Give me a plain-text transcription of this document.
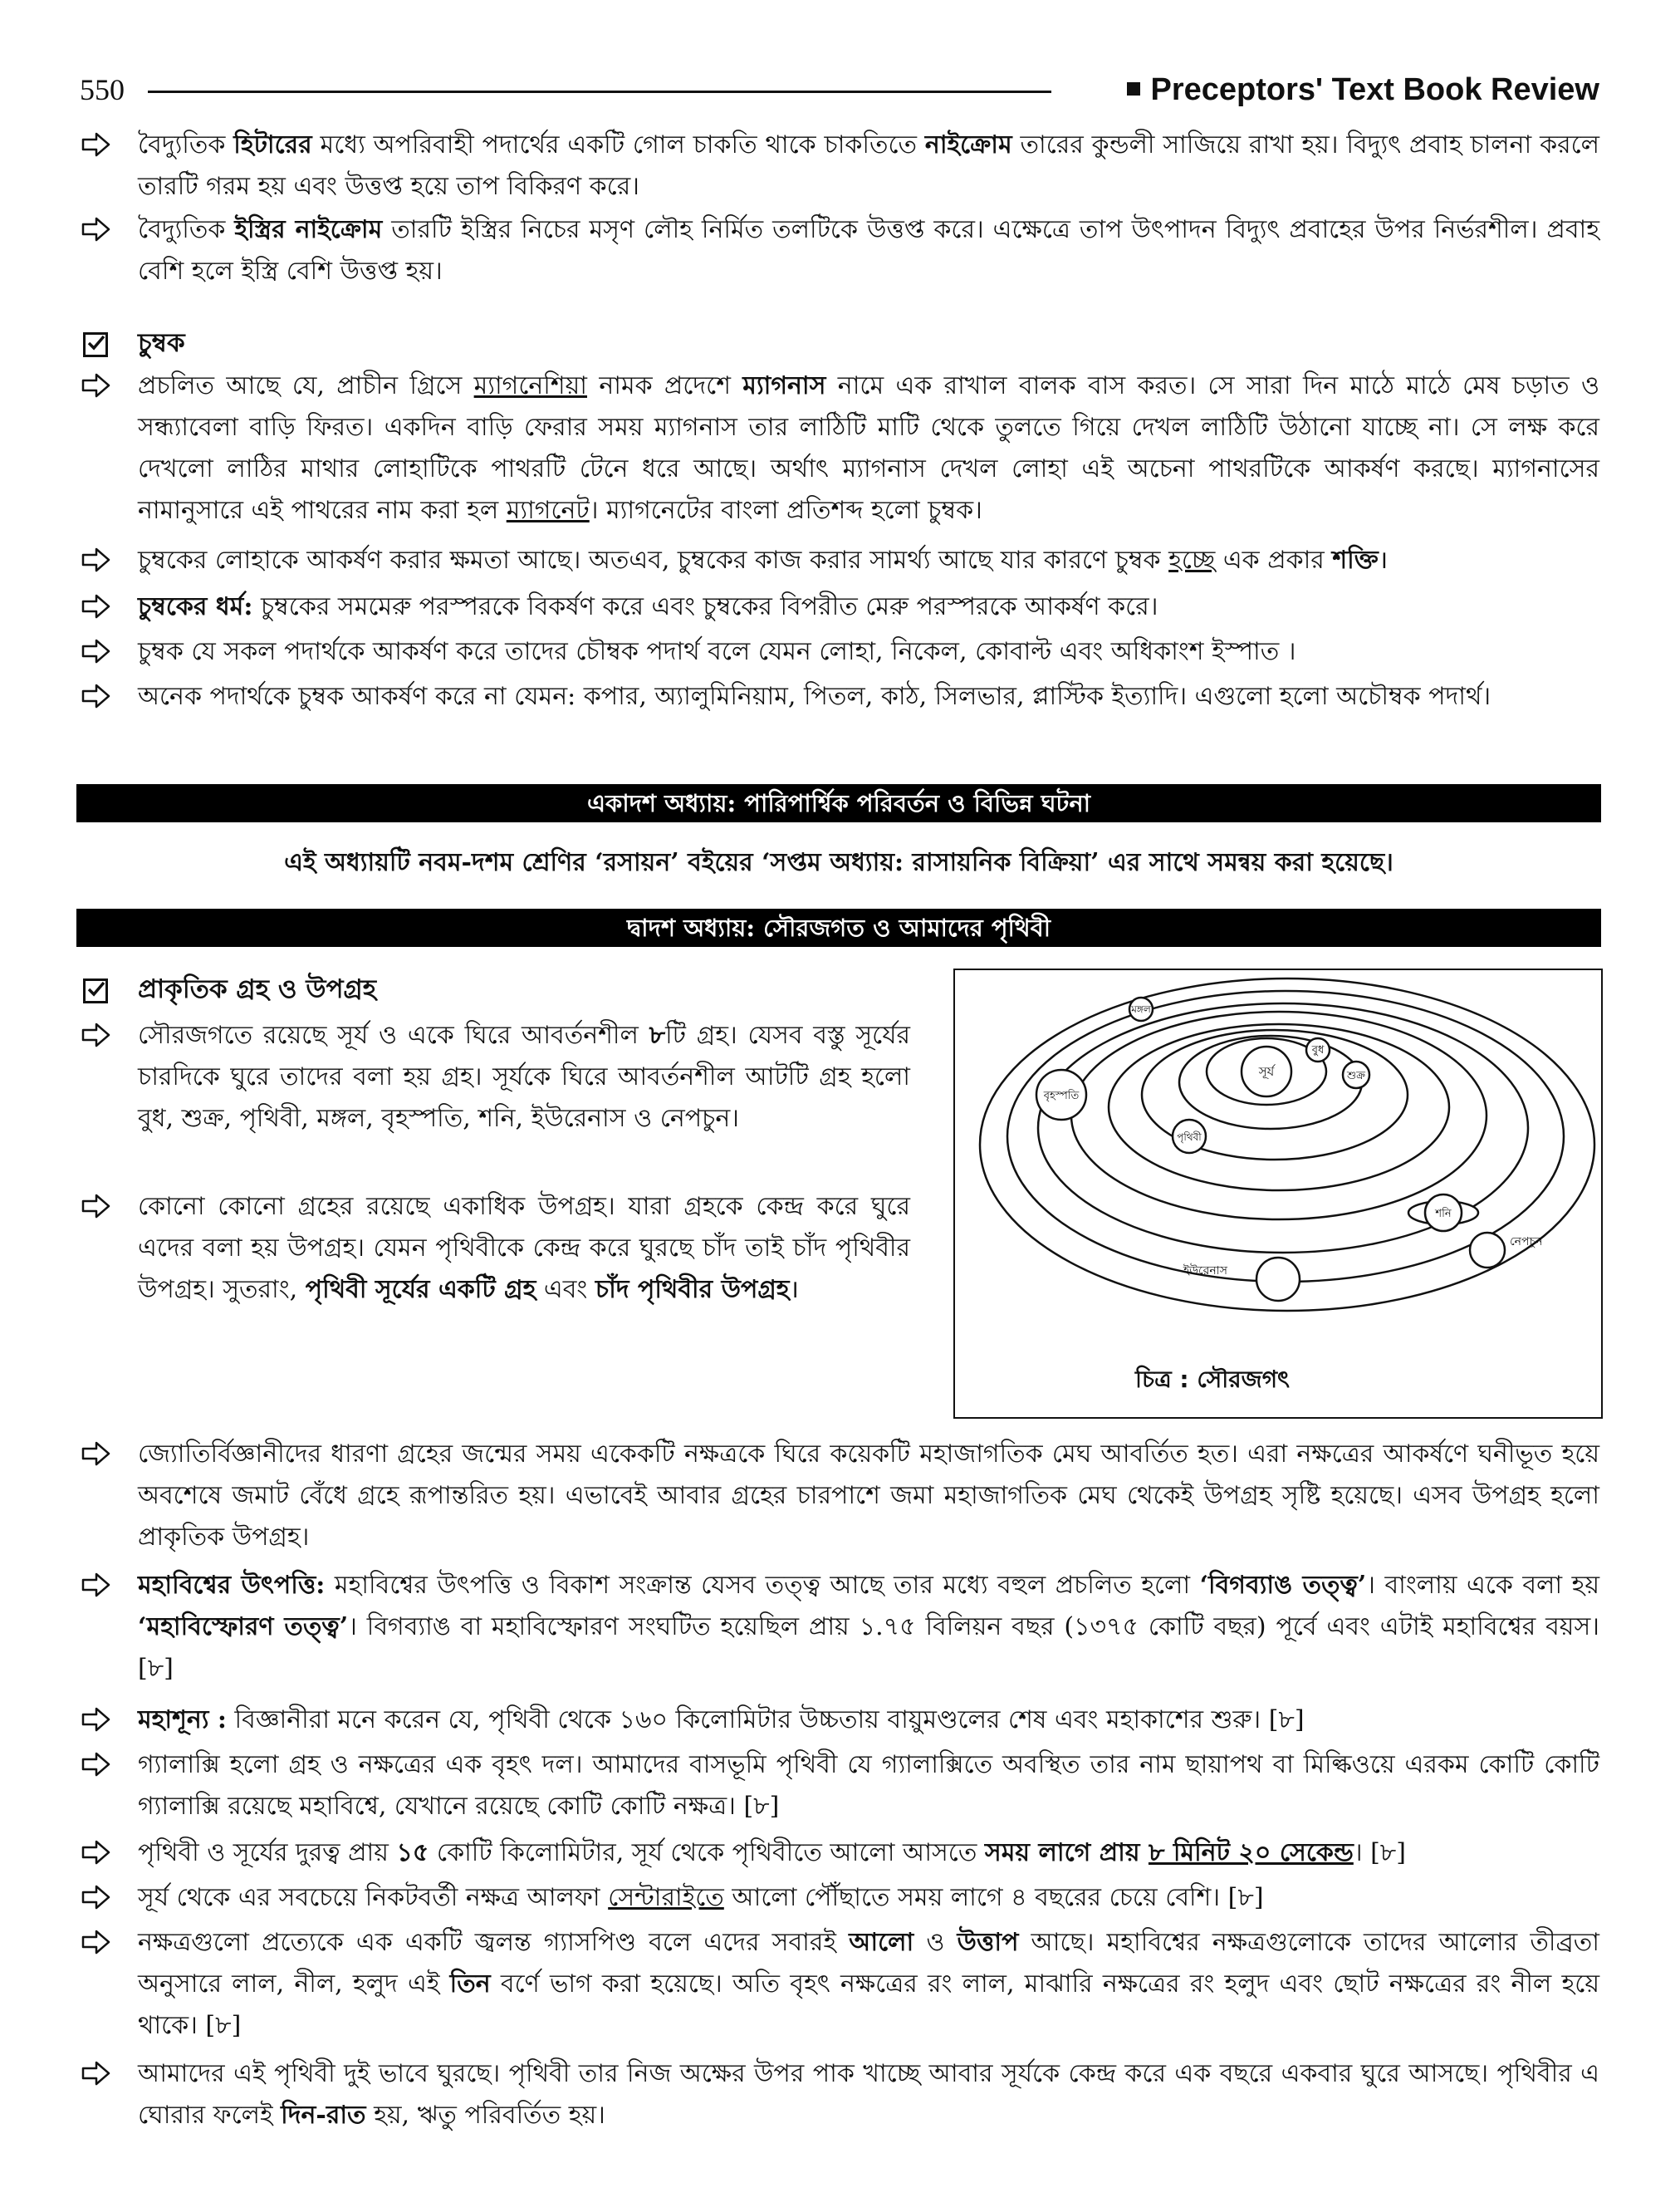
550	Preceptors' Text Book Review
বৈদ্যুতিক হিটারের মধ্যে অপরিবাহী পদার্থের একটি গোল চাকতি থাকে চাকতিতে নাইক্রোম তারের কুন্ডলী সাজিয়ে রাখা হয়। বিদ্যুৎ প্রবাহ চালনা করলে তারটি গরম হয় এবং উত্তপ্ত হয়ে তাপ বিকিরণ করে।
বৈদ্যুতিক ইস্ত্রির নাইক্রোম তারটি ইস্ত্রির নিচের মসৃণ লৌহ নির্মিত তলটিকে উত্তপ্ত করে। এক্ষেত্রে তাপ উৎপাদন বিদ্যুৎ প্রবাহের উপর নির্ভরশীল। প্রবাহ বেশি হলে ইস্ত্রি বেশি উত্তপ্ত হয়।
চুম্বক
প্রচলিত আছে যে, প্রাচীন গ্রিসে ম্যাগনেশিয়া নামক প্রদেশে ম্যাগনাস নামে এক রাখাল বালক বাস করত। সে সারা দিন মাঠে মাঠে মেষ চড়াত ও সন্ধ্যাবেলা বাড়ি ফিরত। একদিন বাড়ি ফেরার সময় ম্যাগনাস তার লাঠিটি মাটি থেকে তুলতে গিয়ে দেখল লাঠিটি উঠানো যাচ্ছে না। সে লক্ষ করে দেখলো লাঠির মাথার লোহাটিকে পাথরটি টেনে ধরে আছে। অর্থাৎ ম্যাগনাস দেখল লোহা এই অচেনা পাথরটিকে আকর্ষণ করছে। ম্যাগনাসের নামানুসারে এই পাথরের নাম করা হল ম্যাগনেট। ম্যাগনেটের বাংলা প্রতিশব্দ হলো চুম্বক।
চুম্বকের লোহাকে আকর্ষণ করার ক্ষমতা আছে। অতএব, চুম্বকের কাজ করার সামর্থ্য আছে যার কারণে চুম্বক হচ্ছে এক প্রকার শক্তি।
চুম্বকের ধর্ম: চুম্বকের সমমেরু পরস্পরকে বিকর্ষণ করে এবং চুম্বকের বিপরীত মেরু পরস্পরকে আকর্ষণ করে।
চুম্বক যে সকল পদার্থকে আকর্ষণ করে তাদের চৌম্বক পদার্থ বলে যেমন লোহা, নিকেল, কোবাল্ট এবং অধিকাংশ ইস্পাত ।
অনেক পদার্থকে চুম্বক আকর্ষণ করে না যেমন: কপার, অ্যালুমিনিয়াম, পিতল, কাঠ, সিলভার, প্লাস্টিক ইত্যাদি। এগুলো হলো অচৌম্বক পদার্থ।
একাদশ অধ্যায়: পারিপার্শ্বিক পরিবর্তন ও বিভিন্ন ঘটনা
এই অধ্যায়টি নবম-দশম শ্রেণির ‘রসায়ন’ বইয়ের ‘সপ্তম অধ্যায়: রাসায়নিক বিক্রিয়া’ এর সাথে সমন্বয় করা হয়েছে।
দ্বাদশ অধ্যায়: সৌরজগত ও আমাদের পৃথিবী
প্রাকৃতিক গ্রহ ও উপগ্রহ
সৌরজগতে রয়েছে সূর্য ও একে ঘিরে আবর্তনশীল ৮টি গ্রহ। যেসব বস্তু সূর্যের চারদিকে ঘুরে তাদের বলা হয় গ্রহ। সূর্যকে ঘিরে আবর্তনশীল আটটি গ্রহ হলো বুধ, শুক্র, পৃথিবী, মঙ্গল, বৃহস্পতি, শনি, ইউরেনাস ও নেপচুন।
কোনো কোনো গ্রহের রয়েছে একাধিক উপগ্রহ। যারা গ্রহকে কেন্দ্র করে ঘুরে এদের বলা হয় উপগ্রহ। যেমন পৃথিবীকে কেন্দ্র করে ঘুরছে চাঁদ তাই চাঁদ পৃথিবীর উপগ্রহ। সুতরাং, পৃথিবী সূর্যের একটি গ্রহ এবং চাঁদ পৃথিবীর উপগ্রহ।
সূর্য
বুধ
শুক্র
পৃথিবী
মঙ্গল
বৃহস্পতি
শনি
ইউরেনাস
নেপচুন
চিত্র : সৌরজগৎ
জ্যোতির্বিজ্ঞানীদের ধারণা গ্রহের জন্মের সময় একেকটি নক্ষত্রকে ঘিরে কয়েকটি মহাজাগতিক মেঘ আবর্তিত হত। এরা নক্ষত্রের আকর্ষণে ঘনীভূত হয়ে অবশেষে জমাট বেঁধে গ্রহে রূপান্তরিত হয়। এভাবেই আবার গ্রহের চারপাশে জমা মহাজাগতিক মেঘ থেকেই উপগ্রহ সৃষ্টি হয়েছে। এসব উপগ্রহ হলো প্রাকৃতিক উপগ্রহ।
মহাবিশ্বের উৎপত্তি: মহাবিশ্বের উৎপত্তি ও বিকাশ সংক্রান্ত যেসব তত্ত্ব আছে তার মধ্যে বহুল প্রচলিত হলো ‘বিগব্যাঙ তত্ত্ব’। বাংলায় একে বলা হয় ‘মহাবিস্ফোরণ তত্ত্ব’। বিগব্যাঙ বা মহাবিস্ফোরণ সংঘটিত হয়েছিল প্রায় ১.৭৫ বিলিয়ন বছর (১৩৭৫ কোটি বছর) পূর্বে এবং এটাই মহাবিশ্বের বয়স। [৮]
মহাশূন্য : বিজ্ঞানীরা মনে করেন যে, পৃথিবী থেকে ১৬০ কিলোমিটার উচ্চতায় বায়ুমণ্ডলের শেষ এবং মহাকাশের শুরু। [৮]
গ্যালাক্সি হলো গ্রহ ও নক্ষত্রের এক বৃহৎ দল। আমাদের বাসভূমি পৃথিবী যে গ্যালাক্সিতে অবস্থিত তার নাম ছায়াপথ বা মিল্কিওয়ে এরকম কোটি কোটি গ্যালাক্সি রয়েছে মহাবিশ্বে, যেখানে রয়েছে কোটি কোটি নক্ষত্র। [৮]
পৃথিবী ও সূর্যের দুরত্ব প্রায় ১৫ কোটি কিলোমিটার, সূর্য থেকে পৃথিবীতে আলো আসতে সময় লাগে প্রায় ৮ মিনিট ২০ সেকেন্ড। [৮]
সূর্য থেকে এর সবচেয়ে নিকটবর্তী নক্ষত্র আলফা সেন্টারাইতে আলো পৌঁছাতে সময় লাগে ৪ বছরের চেয়ে বেশি। [৮]
নক্ষত্রগুলো প্রত্যেকে এক একটি জ্বলন্ত গ্যাসপিণ্ড বলে এদের সবারই আলো ও উত্তাপ আছে। মহাবিশ্বের নক্ষত্রগুলোকে তাদের আলোর তীব্রতা অনুসারে লাল, নীল, হলুদ এই তিন বর্ণে ভাগ করা হয়েছে। অতি বৃহৎ নক্ষত্রের রং লাল, মাঝারি নক্ষত্রের রং হলুদ এবং ছোট নক্ষত্রের রং নীল হয়ে থাকে। [৮]
আমাদের এই পৃথিবী দুই ভাবে ঘুরছে। পৃথিবী তার নিজ অক্ষের উপর পাক খাচ্ছে আবার সূর্যকে কেন্দ্র করে এক বছরে একবার ঘুরে আসছে। পৃথিবীর এ ঘোরার ফলেই দিন-রাত হয়, ঋতু পরিবর্তিত হয়।
